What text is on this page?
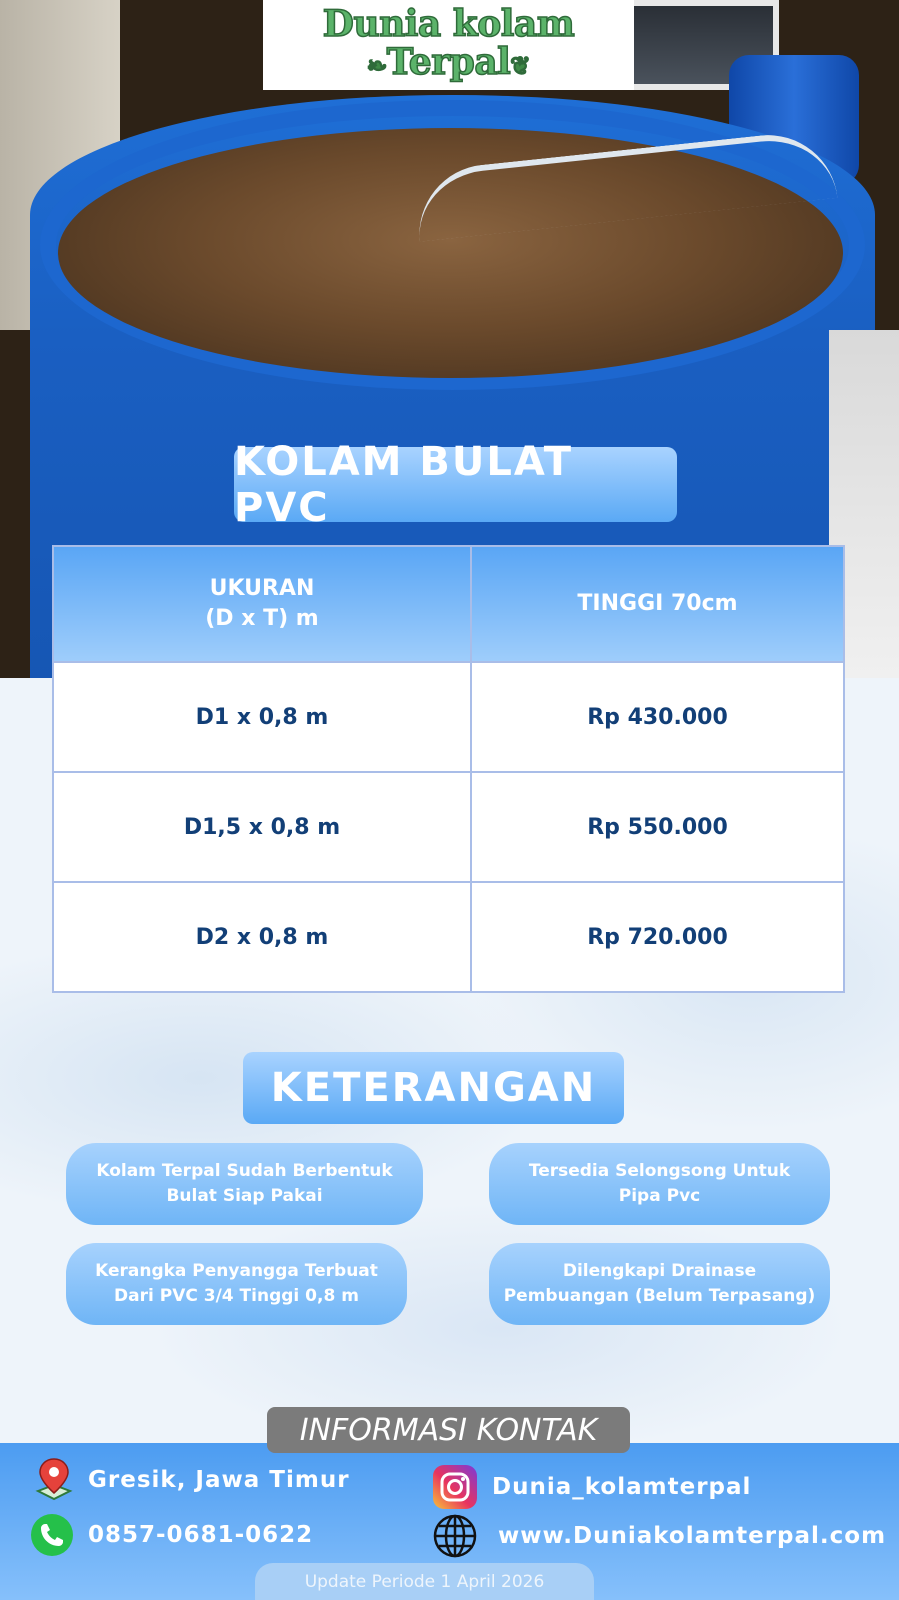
Dunia kolam
❧Terpal❦
KOLAM BULAT PVC
UKURAN
(D x T) m	TINGGI 70cm
D1 x 0,8 m	Rp 430.000
D1,5 x 0,8 m	Rp 550.000
D2 x 0,8 m	Rp 720.000
KETERANGAN
Kolam Terpal Sudah Berbentuk
Bulat Siap Pakai
Tersedia Selongsong Untuk
Pipa Pvc
Kerangka Penyangga Terbuat
Dari PVC 3/4 Tinggi 0,8 m
Dilengkapi Drainase
Pembuangan (Belum Terpasang)
INFORMASI KONTAK
Gresik, Jawa Timur
0857-0681-0622
Dunia_kolamterpal
www.Duniakolamterpal.com
Update Periode 1 April 2026
